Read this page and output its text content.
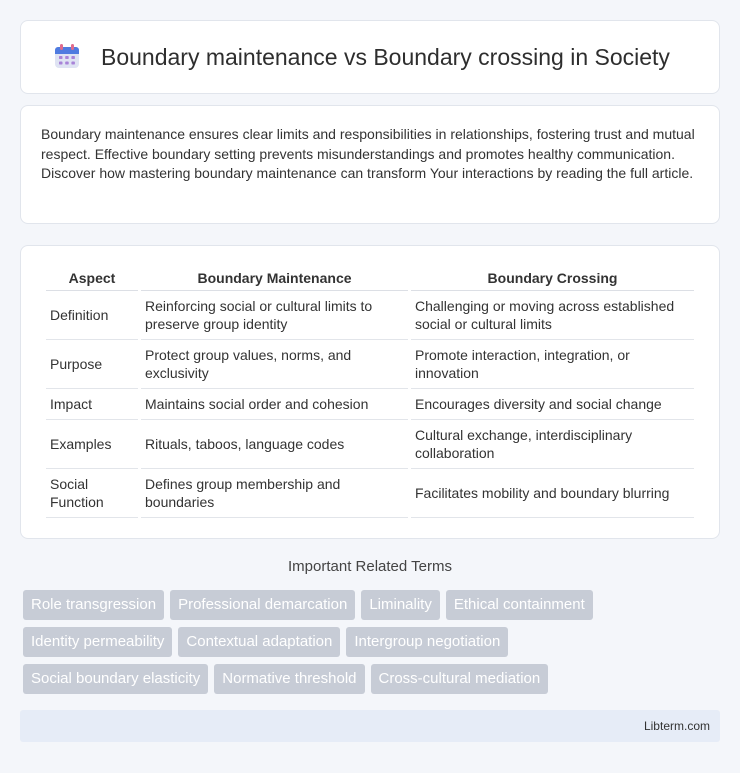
Boundary maintenance vs Boundary crossing in Society

Boundary maintenance ensures clear limits and responsibilities in relationships, fostering trust and mutual respect. Effective boundary setting prevents misunderstandings and promotes healthy communication. Discover how mastering boundary maintenance can transform Your interactions by reading the full article.

Aspect	Boundary Maintenance	Boundary Crossing
Definition	Reinforcing social or cultural limits to preserve group identity	Challenging or moving across established social or cultural limits
Purpose	Protect group values, norms, and exclusivity	Promote interaction, integration, or innovation
Impact	Maintains social order and cohesion	Encourages diversity and social change
Examples	Rituals, taboos, language codes	Cultural exchange, interdisciplinary collaboration
Social Function	Defines group membership and boundaries	Facilitates mobility and boundary blurring
Important Related Terms
Role transgression	Professional demarcation	Liminality	Ethical containment
Identity permeability	Contextual adaptation	Intergroup negotiation
Social boundary elasticity	Normative threshold	Cross-cultural mediation
Libterm.com
